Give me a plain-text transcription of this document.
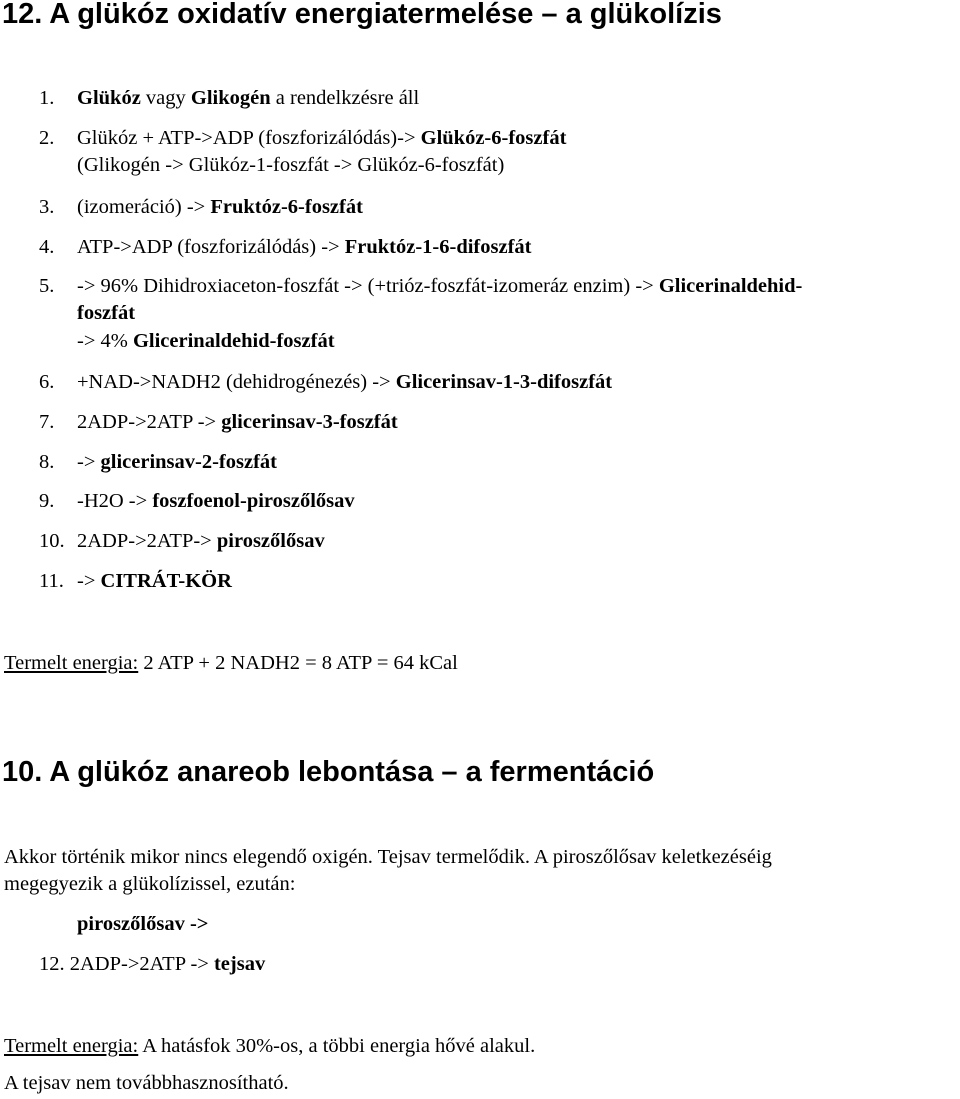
12. A glükóz oxidatív energiatermelése – a glükolízis
1. Glükóz vagy Glikogén a rendelkzésre áll
2. Glükóz + ATP->ADP (foszforizálódás)-> Glükóz-6-foszfát
(Glikogén -> Glükóz-1-foszfát -> Glükóz-6-foszfát)
3. (izomeráció) -> Fruktóz-6-foszfát
4. ATP->ADP (foszforizálódás) -> Fruktóz-1-6-difoszfát
5. -> 96% Dihidroxiaceton-foszfát -> (+trióz-foszfát-izomeráz enzim) -> Glicerinaldehid-
foszfát
-> 4% Glicerinaldehid-foszfát
6. +NAD->NADH2 (dehidrogénezés) -> Glicerinsav-1-3-difoszfát
7. 2ADP->2ATP -> glicerinsav-3-foszfát
8. -> glicerinsav-2-foszfát
9. -H2O -> foszfoenol-piroszőlősav
10. 2ADP->2ATP-> piroszőlősav
11. -> CITRÁT-KÖR
Termelt energia: 2 ATP + 2 NADH2 = 8 ATP = 64 kCal
10. A glükóz anareob lebontása – a fermentáció
Akkor történik mikor nincs elegendő oxigén. Tejsav termelődik. A piroszőlősav keletkezéséig
megegyezik a glükolízissel, ezután:
piroszőlősav ->
12. 2ADP->2ATP -> tejsav
Termelt energia: A hatásfok 30%-os, a többi energia hővé alakul.
A tejsav nem továbbhasznosítható.
